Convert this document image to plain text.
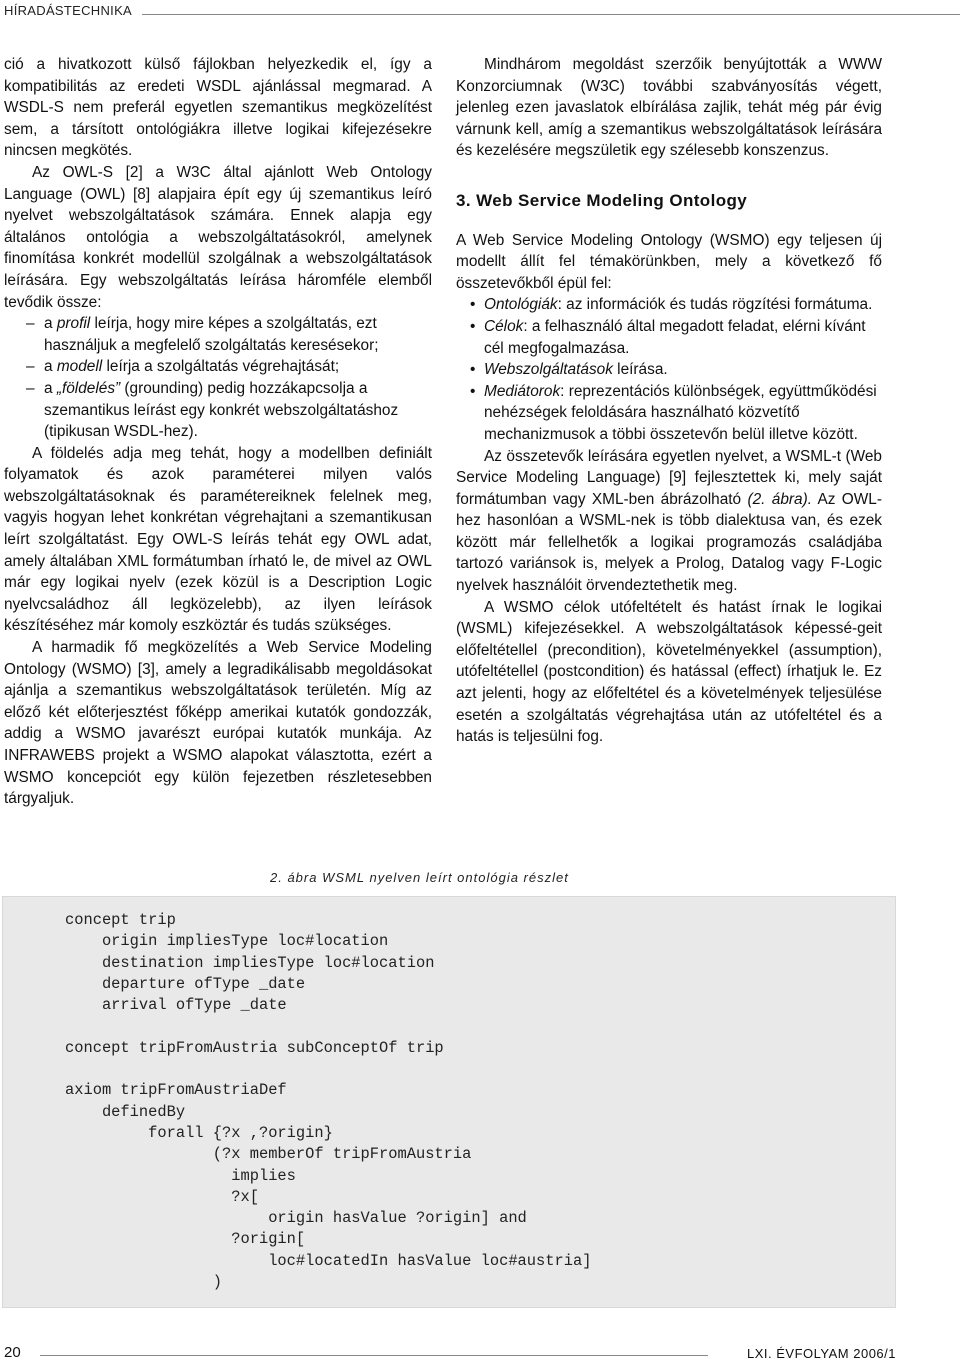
HÍRADÁSTECHNIKA

ció a hivatkozott külső fájlokban helyezkedik el, így a kompatibilitás az eredeti WSDL ajánlással megmarad. A WSDL-S nem preferál egyetlen szemantikus megközelítést sem, a társított ontológiákra illetve logikai kifejezésekre nincsen megkötés.

Az OWL-S [2] a W3C által ajánlott Web Ontology Language (OWL) [8] alapjaira épít egy új szemantikus leíró nyelvet webszolgáltatások számára. Ennek alapja egy általános ontológia a webszolgáltatásokról, amelynek finomítása konkrét modellül szolgálnak a webszolgáltatások leírására. Egy webszolgáltatás leírása háromféle elemből tevődik össze:

– a profil leírja, hogy mire képes a szolgáltatás, ezt használjuk a megfelelő szolgáltatás keresésekor;
– a modell leírja a szolgáltatás végrehajtását;
– a „földelés” (grounding) pedig hozzákapcsolja a szemantikus leírást egy konkrét webszolgáltatáshoz (tipikusan WSDL-hez).

A földelés adja meg tehát, hogy a modellben definiált folyamatok és azok paraméterei milyen valós webszolgáltatásoknak és paramétereiknek felelnek meg, vagyis hogyan lehet konkrétan végrehajtani a szemantikusan leírt szolgáltatást. Egy OWL-S leírás tehát egy OWL adat, amely általában XML formátumban írható le, de mivel az OWL már egy logikai nyelv (ezek közül is a Description Logic nyelvcsaládhoz áll legközelebb), az ilyen leírások készítéséhez már komoly eszköztár és tudás szükséges.

A harmadik fő megközelítés a Web Service Modeling Ontology (WSMO) [3], amely a legradikálisabb megoldásokat ajánlja a szemantikus webszolgáltatások területén. Míg az előző két előterjesztést főképp amerikai kutatók gondozzák, addig a WSMO javarészt európai kutatók munkája. Az INFRAWEBS projekt a WSMO alapokat választotta, ezért a WSMO koncepciót egy külön fejezetben részletesebben tárgyaljuk.

Mindhárom megoldást szerzőik benyújtották a WWW Konzorciumnak (W3C) további szabványosítás végett, jelenleg ezen javaslatok elbírálása zajlik, tehát még pár évig várnunk kell, amíg a szemantikus webszolgáltatások leírására és kezelésére megszületik egy szélesebb konszenzus.

3. Web Service Modeling Ontology

A Web Service Modeling Ontology (WSMO) egy teljesen új modellt állít fel témakörünkben, mely a következő fő összetevőkből épül fel:

• Ontológiák: az információk és tudás rögzítési formátuma.
• Célok: a felhasználó által megadott feladat, elérni kívánt cél megfogalmazása.
• Webszolgáltatások leírása.
• Mediátorok: reprezentációs különbségek, együttműködési nehézségek feloldására használható közvetítő mechanizmusok a többi összetevőn belül illetve között.

Az összetevők leírására egyetlen nyelvet, a WSML-t (Web Service Modeling Language) [9] fejlesztettek ki, mely saját formátumban vagy XML-ben ábrázolható (2. ábra). Az OWL-hez hasonlóan a WSML-nek is több dialektusa van, és ezek között már fellelhetők a logikai programozás családjába tartozó variánsok is, melyek a Prolog, Datalog vagy F-Logic nyelvek használóit örvendeztethetik meg.

A WSMO célok utófeltételt és hatást írnak le logikai (WSML) kifejezésekkel. A webszolgáltatások képessé-geit előfeltétellel (precondition), követelményekkel (assumption), utófeltétellel (postcondition) és hatással (effect) írhatjuk le. Ez azt jelenti, hogy az előfeltétel és a követelmények teljesülése esetén a szolgáltatás végrehajtása után az utófeltétel és a hatás is teljesülni fog.

2. ábra WSML nyelven leírt ontológia részlet
concept trip
origin impliesType loc#location
destination impliesType loc#location
departure ofType _date
arrival ofType _date

concept tripFromAustria subConceptOf trip

axiom tripFromAustriaDef
definedBy
forall {?x ,?origin}
(?x memberOf tripFromAustria
implies
?x[
origin hasValue ?origin] and
?origin[
loc#locatedIn hasValue loc#austria]
)
20	LXI. ÉVFOLYAM 2006/1
